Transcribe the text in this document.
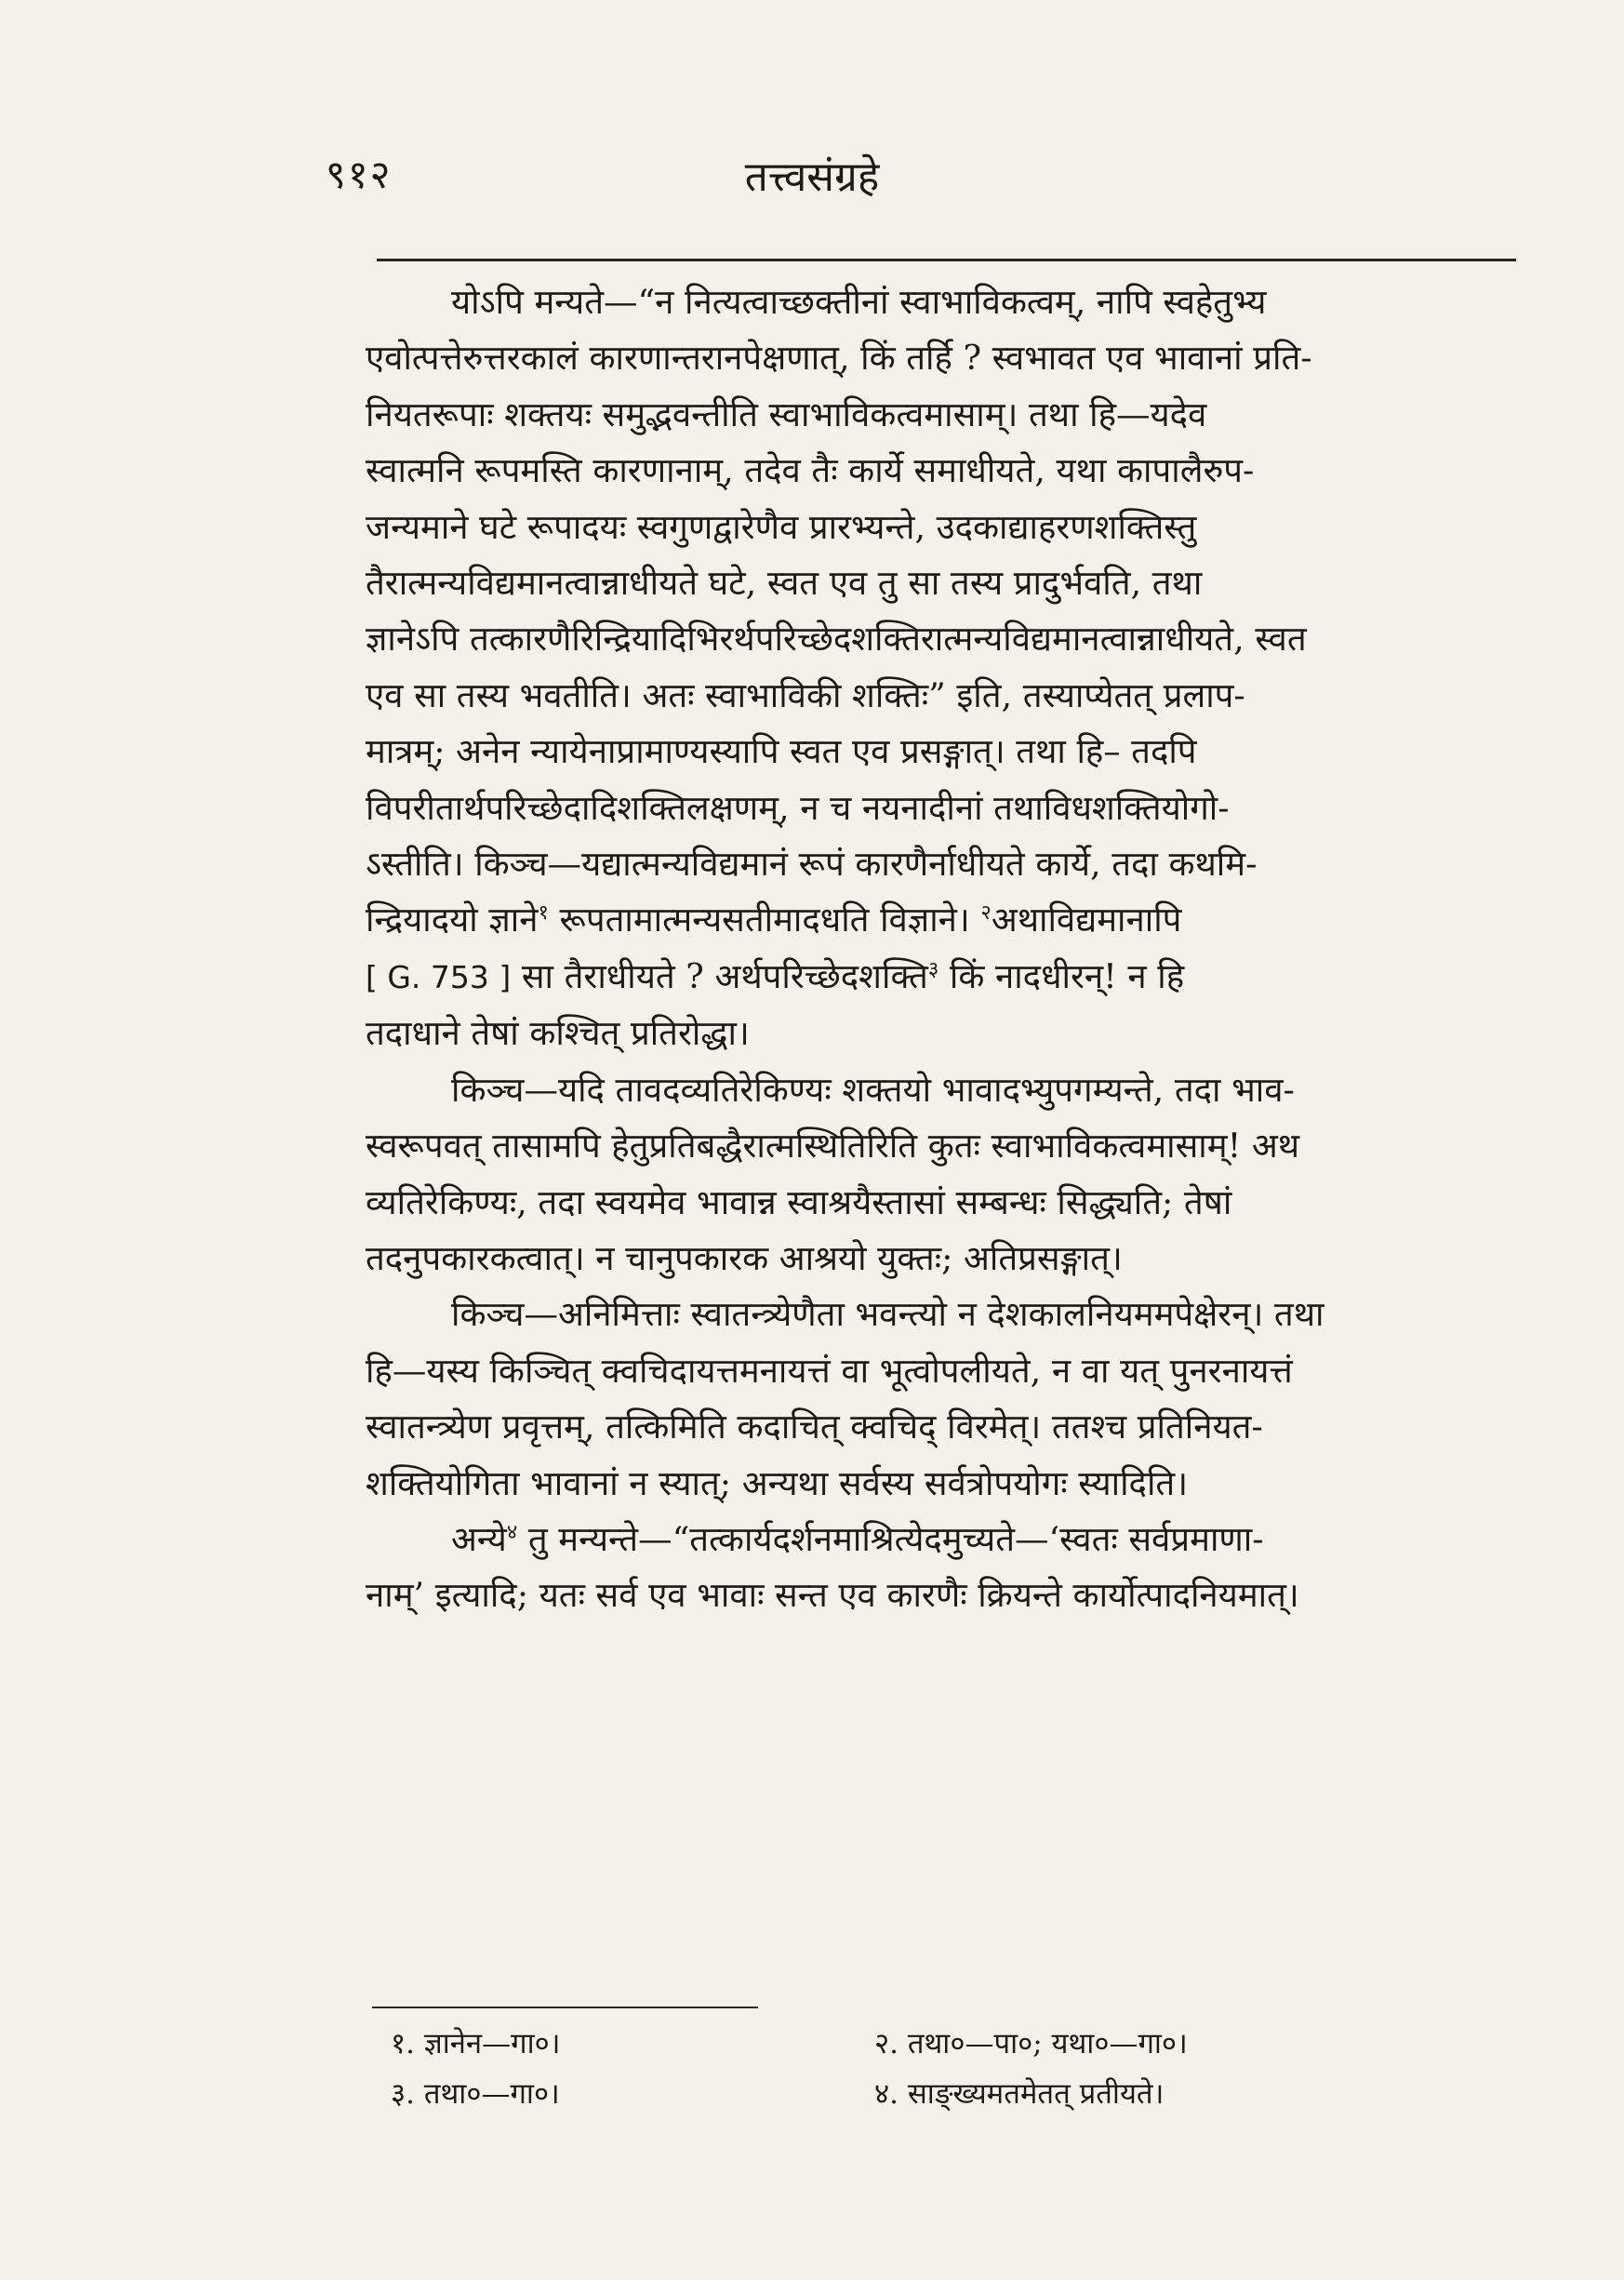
९१२	तत्त्वसंग्रहे
योऽपि मन्यते—“न नित्यत्वाच्छक्तीनां स्वाभाविकत्वम्, नापि स्वहेतुभ्य
एवोत्पत्तेरुत्तरकालं कारणान्तरानपेक्षणात्, किं तर्हि ? स्वभावत एव भावानां प्रति-
नियतरूपाः शक्तयः समुद्भवन्तीति स्वाभाविकत्वमासाम्। तथा हि—यदेव
स्वात्मनि रूपमस्ति कारणानाम्, तदेव तैः कार्ये समाधीयते, यथा कापालैरुप-
जन्यमाने घटे रूपादयः स्वगुणद्वारेणैव प्रारभ्यन्ते, उदकाद्याहरणशक्तिस्तु
तैरात्मन्यविद्यमानत्वान्नाधीयते घटे, स्वत एव तु सा तस्य प्रादुर्भवति, तथा
ज्ञानेऽपि तत्कारणैरिन्द्रियादिभिरर्थपरिच्छेदशक्तिरात्मन्यविद्यमानत्वान्नाधीयते, स्वत
एव सा तस्य भवतीति। अतः स्वाभाविकी शक्तिः” इति, तस्याप्येतत् प्रलाप-
मात्रम्; अनेन न्यायेनाप्रामाण्यस्यापि स्वत एव प्रसङ्गात्। तथा हि– तदपि
विपरीतार्थपरिच्छेदादिशक्तिलक्षणम्, न च नयनादीनां तथाविधशक्तियोगो-
ऽस्तीति। किञ्च—यद्यात्मन्यविद्यमानं रूपं कारणैर्नाधीयते कार्ये, तदा कथमि-
न्द्रियादयो ज्ञाने$^१$ रूपतामात्मन्यसतीमादधति विज्ञाने। $^२$अथाविद्यमानापि
[ G. 753 ] सा तैराधीयते ? अर्थपरिच्छेदशक्ति$^३$ किं नादधीरन्! न हि
तदाधाने तेषां कश्चित् प्रतिरोद्धा।
किञ्च—यदि तावदव्यतिरेकिण्यः शक्तयो भावादभ्युपगम्यन्ते, तदा भाव-
स्वरूपवत् तासामपि हेतुप्रतिबद्धैरात्मस्थितिरिति कुतः स्वाभाविकत्वमासाम्! अथ
व्यतिरेकिण्यः, तदा स्वयमेव भावान्न स्वाश्रयैस्तासां सम्बन्धः सिद्ध्यति; तेषां
तदनुपकारकत्वात्। न चानुपकारक आश्रयो युक्तः; अतिप्रसङ्गात्।
किञ्च—अनिमित्ताः स्वातन्त्र्येणैता भवन्त्यो न देशकालनियममपेक्षेरन्। तथा
हि—यस्य किञ्चित् क्वचिदायत्तमनायत्तं वा भूत्वोपलीयते, न वा यत् पुनरनायत्तं
स्वातन्त्र्येण प्रवृत्तम्, तत्किमिति कदाचित् क्वचिद् विरमेत्। ततश्च प्रतिनियत-
शक्तियोगिता भावानां न स्यात्; अन्यथा सर्वस्य सर्वत्रोपयोगः स्यादिति।
अन्ये$^४$ तु मन्यन्ते—“तत्कार्यदर्शनमाश्रित्येदमुच्यते—‘स्वतः सर्वप्रमाणा-
नाम्’ इत्यादि; यतः सर्व एव भावाः सन्त एव कारणैः क्रियन्ते कार्योत्पादनियमात्।
१. ज्ञानेन—गा०।	२. तथा०—पा०; यथा०—गा०।
३. तथा०—गा०।	४. साङ्ख्यमतमेतत् प्रतीयते।
